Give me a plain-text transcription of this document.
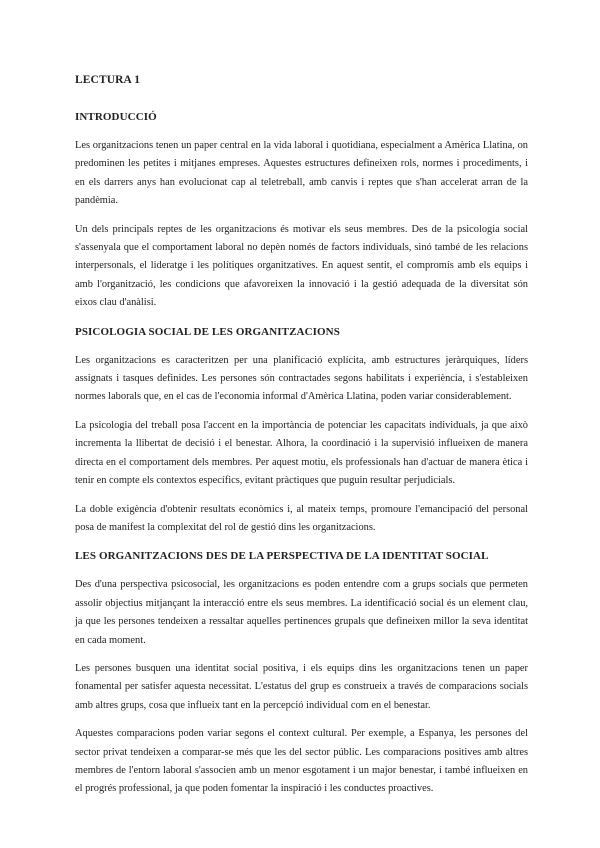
LECTURA 1
INTRODUCCIÓ

Les organitzacions tenen un paper central en la vida laboral i quotidiana, especialment a Amèrica Llatina, on predominen les petites i mitjanes empreses. Aquestes estructures defineixen rols, normes i procediments, i en els darrers anys han evolucionat cap al teletreball, amb canvis i reptes que s'han accelerat arran de la pandèmia.

Un dels principals reptes de les organitzacions és motivar els seus membres. Des de la psicologia social s'assenyala que el comportament laboral no depèn només de factors individuals, sinó també de les relacions interpersonals, el lideratge i les polítiques organitzatives. En aquest sentit, el compromís amb els equips i amb l'organització, les condicions que afavoreixen la innovació i la gestió adequada de la diversitat són eixos clau d'anàlisi.

PSICOLOGIA SOCIAL DE LES ORGANITZACIONS

Les organitzacions es caracteritzen per una planificació explícita, amb estructures jeràrquiques, líders assignats i tasques definides. Les persones són contractades segons habilitats i experiència, i s'estableixen normes laborals que, en el cas de l'economia informal d'Amèrica Llatina, poden variar considerablement.

La psicologia del treball posa l'accent en la importància de potenciar les capacitats individuals, ja que això incrementa la llibertat de decisió i el benestar. Alhora, la coordinació i la supervisió influeixen de manera directa en el comportament dels membres. Per aquest motiu, els professionals han d'actuar de manera ètica i tenir en compte els contextos específics, evitant pràctiques que puguin resultar perjudicials.

La doble exigència d'obtenir resultats econòmics i, al mateix temps, promoure l'emancipació del personal posa de manifest la complexitat del rol de gestió dins les organitzacions.

LES ORGANITZACIONS DES DE LA PERSPECTIVA DE LA IDENTITAT SOCIAL

Des d'una perspectiva psicosocial, les organitzacions es poden entendre com a grups socials que permeten assolir objectius mitjançant la interacció entre els seus membres. La identificació social és un element clau, ja que les persones tendeixen a ressaltar aquelles pertinences grupals que defineixen millor la seva identitat en cada moment.

Les persones busquen una identitat social positiva, i els equips dins les organitzacions tenen un paper fonamental per satisfer aquesta necessitat. L'estatus del grup es construeix a través de comparacions socials amb altres grups, cosa que influeix tant en la percepció individual com en el benestar.

Aquestes comparacions poden variar segons el context cultural. Per exemple, a Espanya, les persones del sector privat tendeixen a comparar-se més que les del sector públic. Les comparacions positives amb altres membres de l'entorn laboral s'associen amb un menor esgotament i un major benestar, i també influeixen en el progrés professional, ja que poden fomentar la inspiració i les conductes proactives.
